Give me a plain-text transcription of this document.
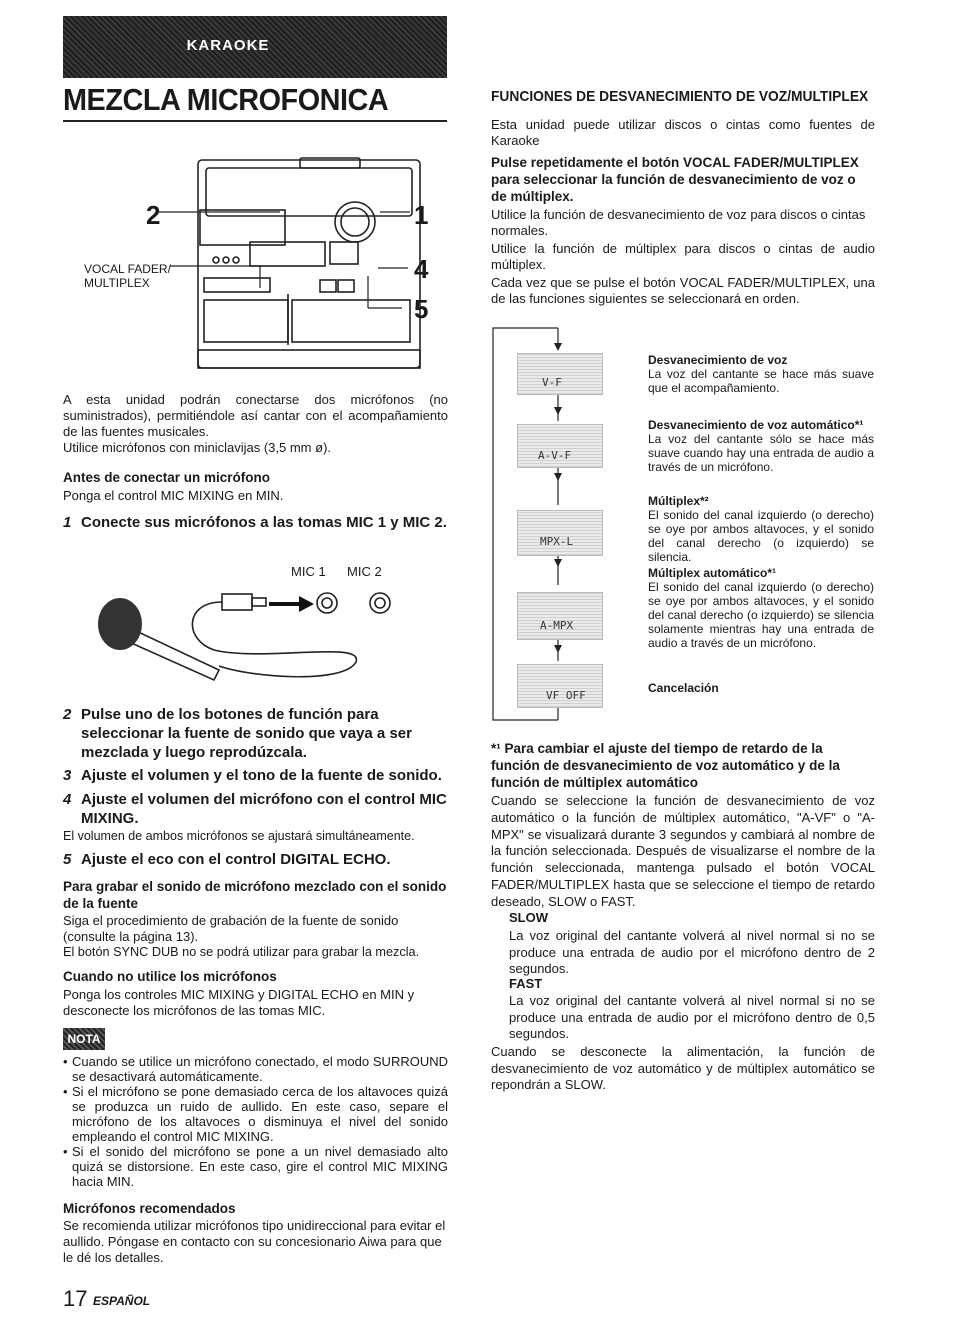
KARAOKE
MEZCLA MICROFONICA
2	1
4
5
VOCAL FADER/
MULTIPLEX
A esta unidad podrán conectarse dos micrófonos (no suministrados), permitiéndole así cantar con el acompañamiento de las fuentes musicales.
Utilice micrófonos con miniclavijas (3,5 mm ø).
Antes de conectar un micrófono
Ponga el control MIC MIXING en MIN.
1 Conecte sus micrófonos a las tomas MIC 1 y MIC 2.
MIC 1 MIC 2
2 Pulse uno de los botones de función para seleccionar la fuente de sonido que vaya a ser mezclada y luego reprodúzcala.
3 Ajuste el volumen y el tono de la fuente de sonido.
4 Ajuste el volumen del micrófono con el control MIC MIXING.
El volumen de ambos micrófonos se ajustará simultáneamente.
5 Ajuste el eco con el control DIGITAL ECHO.
Para grabar el sonido de micrófono mezclado con el sonido de la fuente
Siga el procedimiento de grabación de la fuente de sonido (consulte la página 13).
El botón SYNC DUB no se podrá utilizar para grabar la mezcla.
Cuando no utilice los micrófonos
Ponga los controles MIC MIXING y DIGITAL ECHO en MIN y desconecte los micrófonos de las tomas MIC.
NOTA
• Cuando se utilice un micrófono conectado, el modo SURROUND se desactivará automáticamente.
• Si el micrófono se pone demasiado cerca de los altavoces quizá se produzca un ruido de aullido. En este caso, separe el micrófono de los altavoces o disminuya el nivel del sonido empleando el control MIC MIXING.
• Si el sonido del micrófono se pone a un nivel demasiado alto quizá se distorsione. En este caso, gire el control MIC MIXING hacia MIN.
Micrófonos recomendados
Se recomienda utilizar micrófonos tipo unidireccional para evitar el aullido. Póngase en contacto con su concesionario Aiwa para que le dé los detalles.
17 ESPAÑOL
FUNCIONES DE DESVANECIMIENTO DE VOZ/MULTIPLEX
Esta unidad puede utilizar discos o cintas como fuentes de Karaoke
Pulse repetidamente el botón VOCAL FADER/MULTIPLEX para seleccionar la función de desvanecimiento de voz o de múltiplex.
Utilice la función de desvanecimiento de voz para discos o cintas normales.
Utilice la función de múltiplex para discos o cintas de audio múltiplex.
Cada vez que se pulse el botón VOCAL FADER/MULTIPLEX, una de las funciones siguientes se seleccionará en orden.
V-F
A-V-F
MPX-L
A-MPX
VF OFF
Desvanecimiento de voz
La voz del cantante se hace más suave que el acompañamiento.
Desvanecimiento de voz automático*¹
La voz del cantante sólo se hace más suave cuando hay una entrada de audio a través de un micrófono.
Múltiplex*²
El sonido del canal izquierdo (o derecho) se oye por ambos altavoces, y el sonido del canal derecho (o izquierdo) se silencia.
Múltiplex automático*¹
El sonido del canal izquierdo (o derecho) se oye por ambos altavoces, y el sonido del canal derecho (o izquierdo) se silencia solamente mientras hay una entrada de audio a través de un micrófono.
Cancelación
*¹ Para cambiar el ajuste del tiempo de retardo de la función de desvanecimiento de voz automático y de la función de múltiplex automático
Cuando se seleccione la función de desvanecimiento de voz automático o la función de múltiplex automático, "A-VF" o "A-MPX" se visualizará durante 3 segundos y cambiará al nombre de la función seleccionada. Después de visualizarse el nombre de la función seleccionada, mantenga pulsado el botón VOCAL FADER/MULTIPLEX hasta que se seleccione el tiempo de retardo deseado, SLOW o FAST.
SLOW
La voz original del cantante volverá al nivel normal si no se produce una entrada de audio por el micrófono dentro de 2 segundos.
FAST
La voz original del cantante volverá al nivel normal si no se produce una entrada de audio por el micrófono dentro de 0,5 segundos.
Cuando se desconecte la alimentación, la función de desvanecimiento de voz automático y de múltiplex automático se repondrán a SLOW.
